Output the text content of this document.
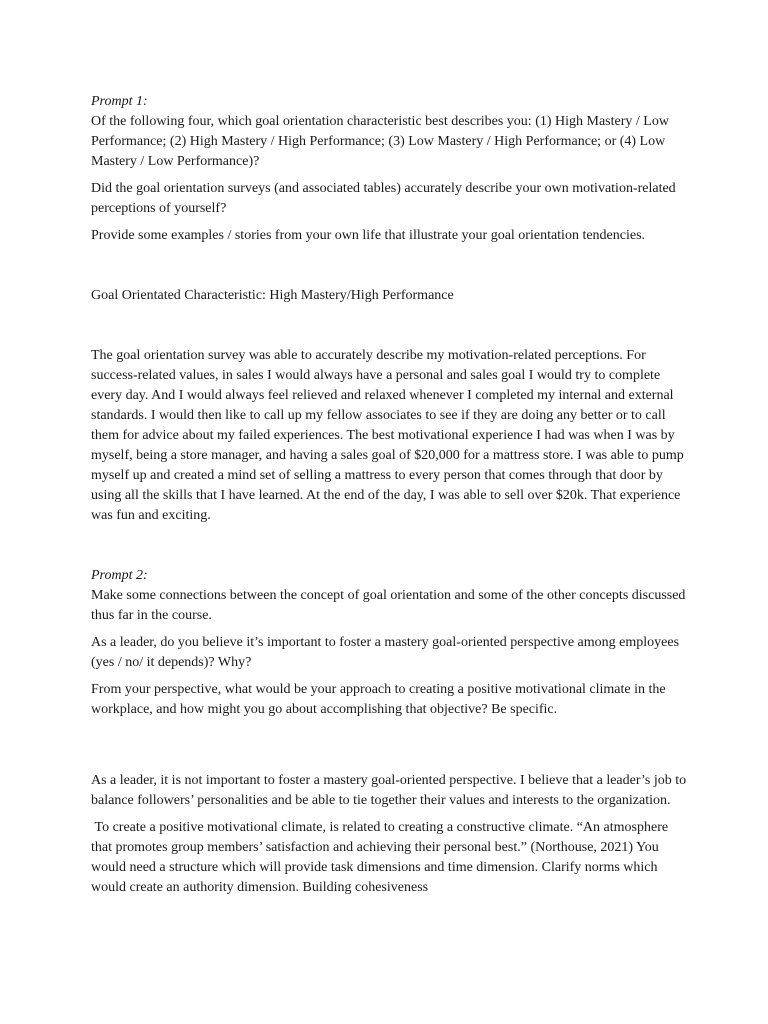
Prompt 1:

Of the following four, which goal orientation characteristic best describes you: (1) High Mastery / Low Performance; (2) High Mastery / High Performance; (3) Low Mastery / High Performance; or (4) Low Mastery / Low Performance)?

Did the goal orientation surveys (and associated tables) accurately describe your own motivation-related perceptions of yourself?

Provide some examples / stories from your own life that illustrate your goal orientation tendencies.

Goal Orientated Characteristic: High Mastery/High Performance

The goal orientation survey was able to accurately describe my motivation-related perceptions. For success-related values, in sales I would always have a personal and sales goal I would try to complete every day. And I would always feel relieved and relaxed whenever I completed my internal and external standards. I would then like to call up my fellow associates to see if they are doing any better or to call them for advice about my failed experiences. The best motivational experience I had was when I was by myself, being a store manager, and having a sales goal of $20,000 for a mattress store. I was able to pump myself up and created a mind set of selling a mattress to every person that comes through that door by using all the skills that I have learned. At the end of the day, I was able to sell over $20k. That experience was fun and exciting.

Prompt 2:

Make some connections between the concept of goal orientation and some of the other concepts discussed thus far in the course.

As a leader, do you believe it’s important to foster a mastery goal-oriented perspective among employees (yes / no/ it depends)? Why?

From your perspective, what would be your approach to creating a positive motivational climate in the workplace, and how might you go about accomplishing that objective? Be specific.

As a leader, it is not important to foster a mastery goal-oriented perspective. I believe that a leader’s job to balance followers’ personalities and be able to tie together their values and interests to the organization.

To create a positive motivational climate, is related to creating a constructive climate. “An atmosphere that promotes group members’ satisfaction and achieving their personal best.” (Northouse, 2021) You would need a structure which will provide task dimensions and time dimension. Clarify norms which would create an authority dimension. Building cohesiveness
